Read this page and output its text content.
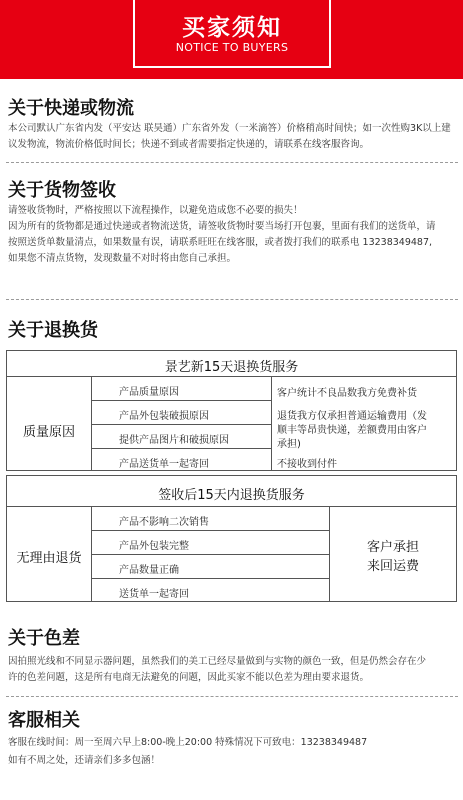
买家须知
NOTICE TO BUYERS
关于快递或物流
本公司默认广东省内发（平安达 联昊通）广东省外发（一米滴答）价格稍高时间快；如一次性购3K以上建
议发物流，物流价格低时间长；快递不到或者需要指定快递的，请联系在线客服咨询。
关于货物签收
请签收货物时，严格按照以下流程操作，以避免造成您不必要的损失！
因为所有的货物都是通过快递或者物流送货，请签收货物时要当场打开包裹，里面有我们的送货单，请
按照送货单数量清点，如果数量有误，请联系旺旺在线客服，或者拨打我们的联系电 13238349487,
如果您不清点货物，发现数量不对时将由您自己承担。
关于退换货
景艺新15天退换货服务
质量原因
产品质量原因
产品外包装破损原因
提供产品图片和破损原因
产品送货单一起寄回
客户统计不良品数我方免费补货
退货我方仅承担普通运输费用（发
顺丰等昂贵快递，差额费用由客户
承担)
不接收到付件
签收后15天内退换货服务
无理由退货
产品不影响二次销售
产品外包装完整
产品数量正确
送货单一起寄回
客户承担
来回运费
关于色差
因拍照光线和不同显示器问题，虽然我们的美工已经尽量做到与实物的颜色一致，但是仍然会存在少
许的色差问题，这是所有电商无法避免的问题，因此买家不能以色差为理由要求退货。
客服相关
客服在线时间：周一至周六早上8:00-晚上20:00 特殊情况下可致电：13238349487
如有不周之处，还请亲们多多包涵！
